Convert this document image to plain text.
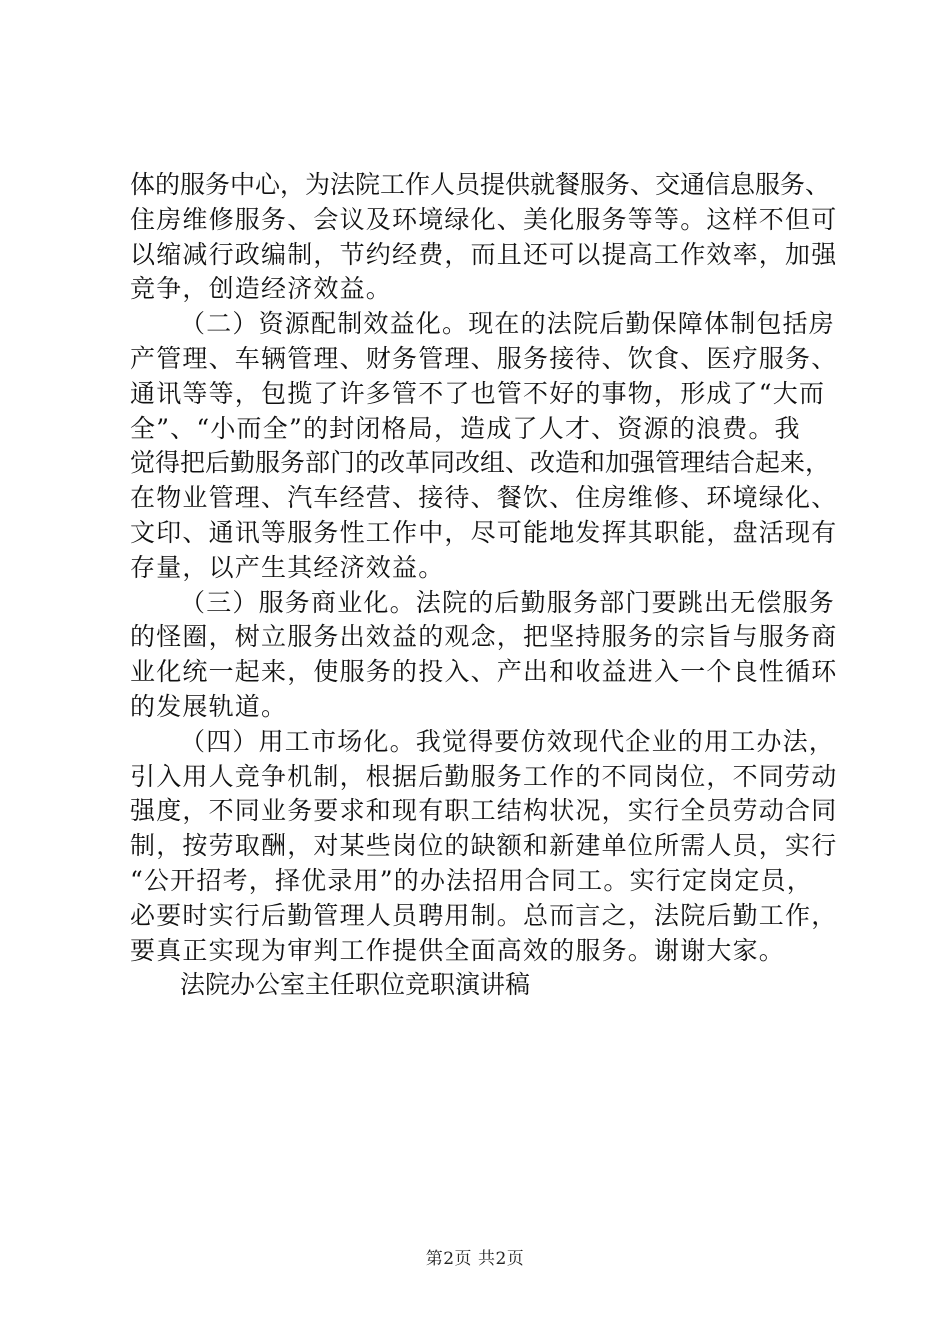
体的服务中心，为法院工作人员提供就餐服务、交通信息服务、
住房维修服务、会议及环境绿化、美化服务等等。这样不但可
以缩减行政编制，节约经费，而且还可以提高工作效率，加强
竞争，创造经济效益。
（二）资源配制效益化。现在的法院后勤保障体制包括房
产管理、车辆管理、财务管理、服务接待、饮食、医疗服务、
通讯等等，包揽了许多管不了也管不好的事物，形成了“大而
全”、“小而全”的封闭格局，造成了人才、资源的浪费。我
觉得把后勤服务部门的改革同改组、改造和加强管理结合起来，
在物业管理、汽车经营、接待、餐饮、住房维修、环境绿化、
文印、通讯等服务性工作中，尽可能地发挥其职能，盘活现有
存量，以产生其经济效益。
（三）服务商业化。法院的后勤服务部门要跳出无偿服务
的怪圈，树立服务出效益的观念，把坚持服务的宗旨与服务商
业化统一起来，使服务的投入、产出和收益进入一个良性循环
的发展轨道。
（四）用工市场化。我觉得要仿效现代企业的用工办法，
引入用人竞争机制，根据后勤服务工作的不同岗位，不同劳动
强度，不同业务要求和现有职工结构状况，实行全员劳动合同
制，按劳取酬，对某些岗位的缺额和新建单位所需人员，实行
“公开招考，择优录用”的办法招用合同工。实行定岗定员，
必要时实行后勤管理人员聘用制。总而言之，法院后勤工作，
要真正实现为审判工作提供全面高效的服务。谢谢大家。
法院办公室主任职位竞职演讲稿
第2页 共2页
